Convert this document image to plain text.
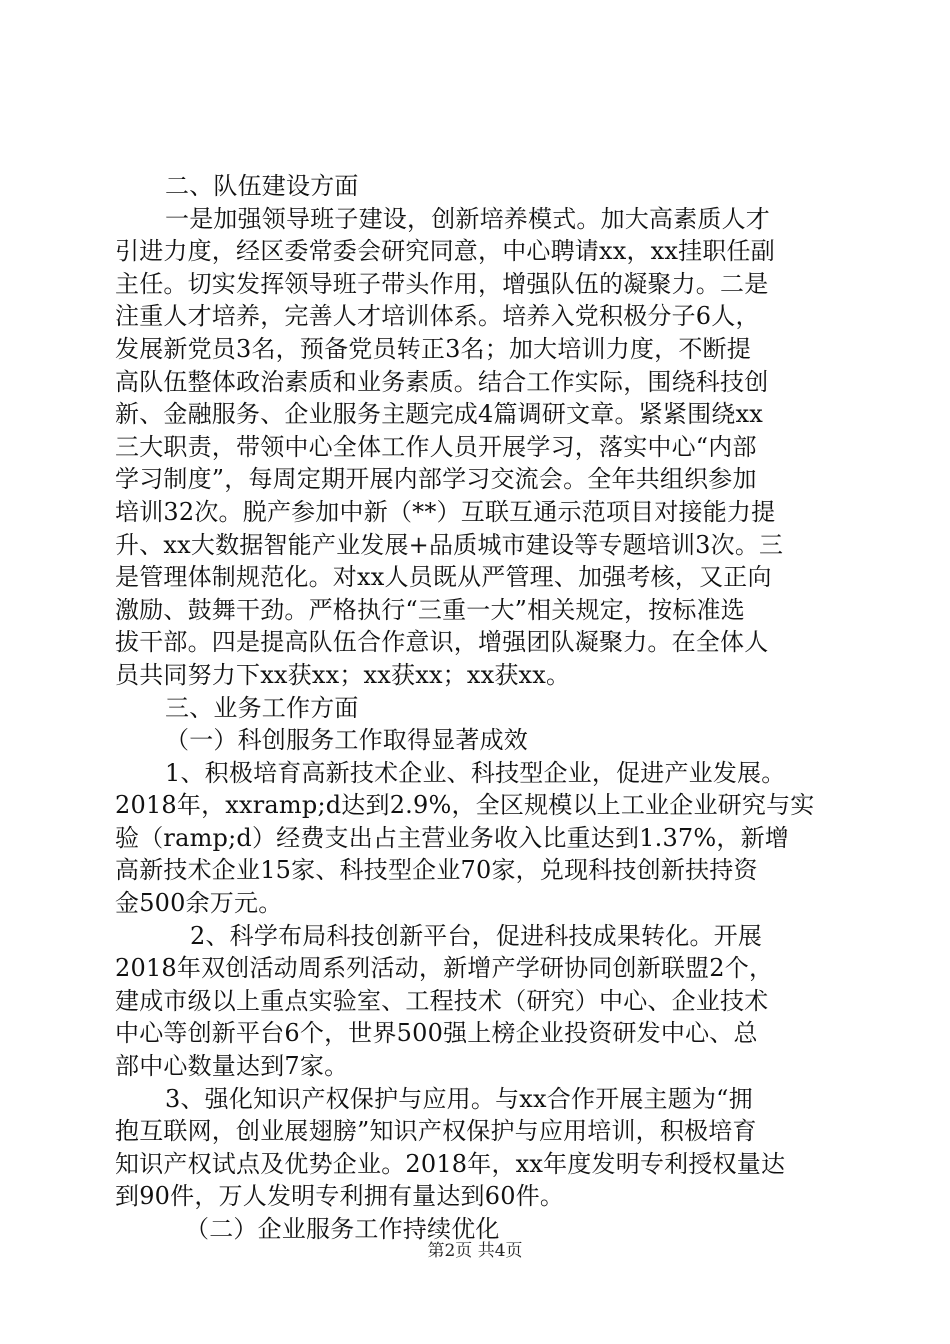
二、队伍建设方面
一是加强领导班子建设，创新培养模式。加大高素质人才
引进力度，经区委常委会研究同意，中心聘请xx，xx挂职任副
主任。切实发挥领导班子带头作用，增强队伍的凝聚力。二是
注重人才培养，完善人才培训体系。培养入党积极分子6人，
发展新党员3名，预备党员转正3名；加大培训力度，不断提
高队伍整体政治素质和业务素质。结合工作实际，围绕科技创
新、金融服务、企业服务主题完成4篇调研文章。紧紧围绕xx
三大职责，带领中心全体工作人员开展学习，落实中心“内部
学习制度”，每周定期开展内部学习交流会。全年共组织参加
培训32次。脱产参加中新（**）互联互通示范项目对接能力提
升、xx大数据智能产业发展+品质城市建设等专题培训3次。三
是管理体制规范化。对xx人员既从严管理、加强考核，又正向
激励、鼓舞干劲。严格执行“三重一大”相关规定，按标准选
拔干部。四是提高队伍合作意识，增强团队凝聚力。在全体人
员共同努力下xx获xx；xx获xx；xx获xx。
三、业务工作方面
（一）科创服务工作取得显著成效
1、积极培育高新技术企业、科技型企业，促进产业发展。
2018年，xxramp;d达到2.9%，全区规模以上工业企业研究与实
验（ramp;d）经费支出占主营业务收入比重达到1.37%，新增
高新技术企业15家、科技型企业70家，兑现科技创新扶持资
金500余万元。
2、科学布局科技创新平台，促进科技成果转化。开展
2018年双创活动周系列活动，新增产学研协同创新联盟2个，
建成市级以上重点实验室、工程技术（研究）中心、企业技术
中心等创新平台6个，世界500强上榜企业投资研发中心、总
部中心数量达到7家。
3、强化知识产权保护与应用。与xx合作开展主题为“拥
抱互联网，创业展翅膀”知识产权保护与应用培训，积极培育
知识产权试点及优势企业。2018年，xx年度发明专利授权量达
到90件，万人发明专利拥有量达到60件。
（二）企业服务工作持续优化
第2页 共4页
